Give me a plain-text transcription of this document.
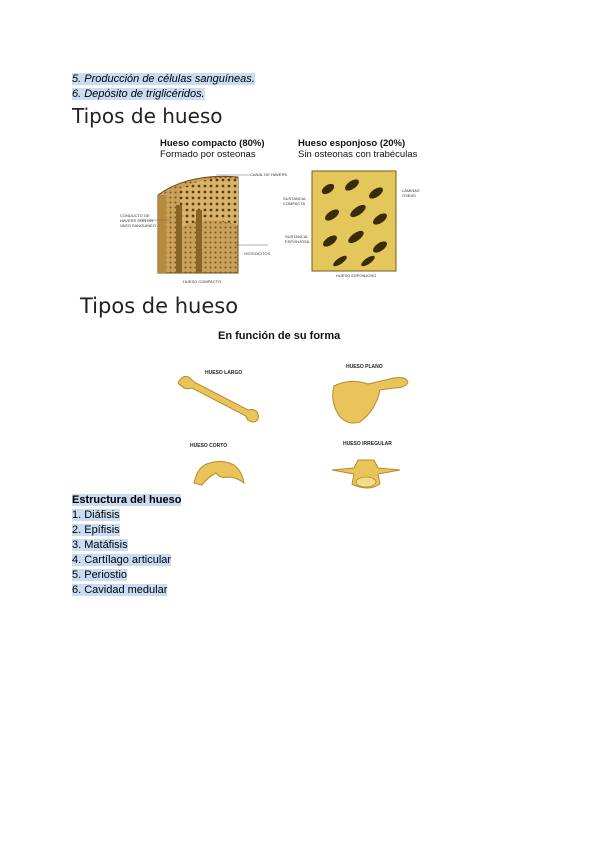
5. Producción de células sanguíneas.
6. Depósito de triglicéridos.
Tipos de hueso
Hueso compacto (80%)
Formado por osteonas
Hueso esponjoso (20%)
Sin osteonas con trabéculas
CANAL DE HAVERS
CONDUCTO DE HAVERS CON UN VASO SANGUINEO
OSTEOCITOS
HUESO COMPACTO
SUSTANCIA COMPACTA
SUSTANCIA ESPONJOSA
LÁMINAS ÓSEAS
HUESO ESPONJOSO
Tipos de hueso
En función de su forma
HUESO LARGO
HUESO PLANO
HUESO CORTO	HUESO IRREGULAR
Estructura del hueso
1. Diáfisis
2. Epífisis
3. Matáfisis
4. Cartílago articular
5. Periostio
6. Cavidad medular
